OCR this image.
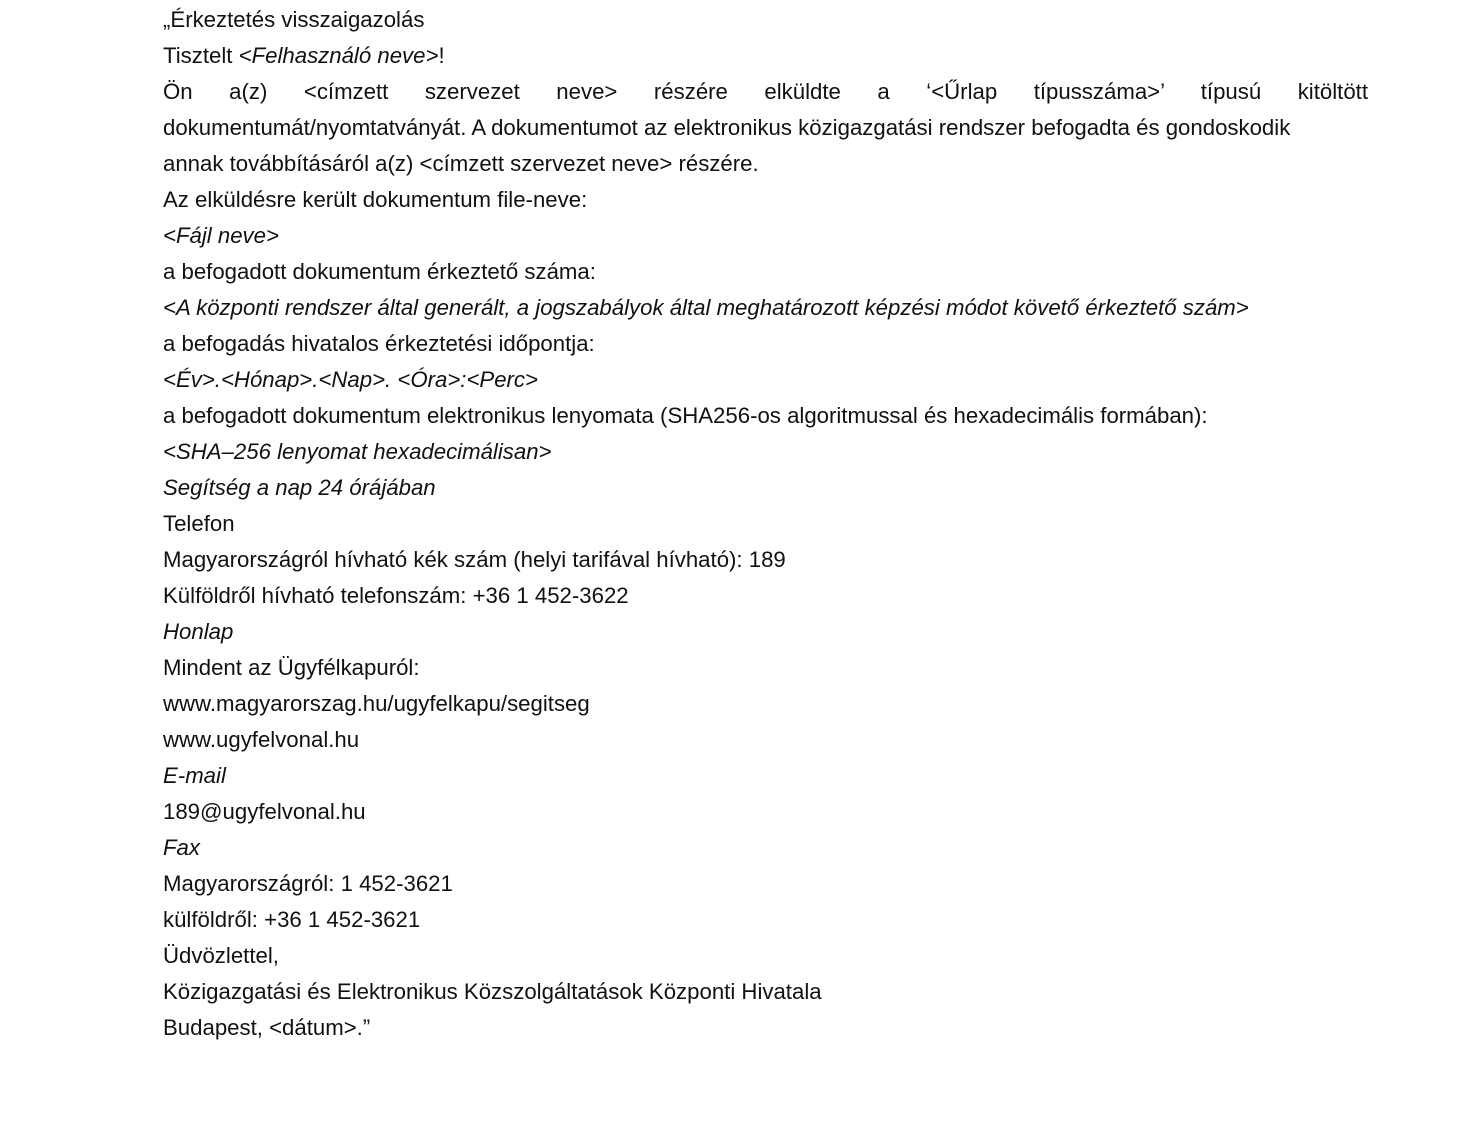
„Érkeztetés visszaigazolás
Tisztelt <Felhasználó neve>!
Ön a(z) <címzett szervezet neve> részére elküldte a ‘<Űrlap típusszáma>’ típusú kitöltött
dokumentumát/nyomtatványát. A dokumentumot az elektronikus közigazgatási rendszer befogadta és gondoskodik
annak továbbításáról a(z) <címzett szervezet neve> részére.
Az elküldésre került dokumentum file-neve:
<Fájl neve>
a befogadott dokumentum érkeztető száma:
<A központi rendszer által generált, a jogszabályok által meghatározott képzési módot követő érkeztető szám>
a befogadás hivatalos érkeztetési időpontja:
<Év>.<Hónap>.<Nap>. <Óra>:<Perc>
a befogadott dokumentum elektronikus lenyomata (SHA256-os algoritmussal és hexadecimális formában):
<SHA–256 lenyomat hexadecimálisan>
Segítség a nap 24 órájában
Telefon
Magyarországról hívható kék szám (helyi tarifával hívható): 189
Külföldről hívható telefonszám: +36 1 452-3622
Honlap
Mindent az Ügyfélkapuról:
www.magyarorszag.hu/ugyfelkapu/segitseg
www.ugyfelvonal.hu
E-mail
189@ugyfelvonal.hu
Fax
Magyarországról: 1 452-3621
külföldről: +36 1 452-3621
Üdvözlettel,
Közigazgatási és Elektronikus Közszolgáltatások Központi Hivatala
Budapest, <dátum>.”
